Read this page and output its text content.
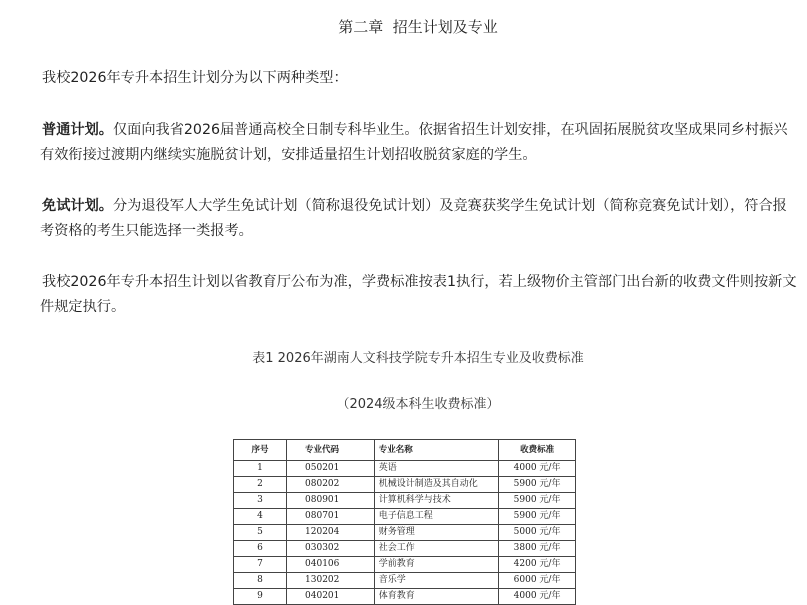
第二章  招生计划及专业
我校2026年专升本招生计划分为以下两种类型：
普通计划。仅面向我省2026届普通高校全日制专科毕业生。依据省招生计划安排，在巩固拓展脱贫攻坚成果同乡村振兴有效衔接过渡期内继续实施脱贫计划，安排适量招生计划招收脱贫家庭的学生。
免试计划。分为退役军人大学生免试计划（简称退役免试计划）及竞赛获奖学生免试计划（简称竞赛免试计划），符合报考资格的考生只能选择一类报考。
我校2026年专升本招生计划以省教育厅公布为准，学费标准按表1执行，若上级物价主管部门出台新的收费文件则按新文件规定执行。
表1 2026年湖南人文科技学院专升本招生专业及收费标准
（2024级本科生收费标准）
序号	专业代码	专业名称	收费标准
1	050201	英语	4000 元/年
2	080202	机械设计制造及其自动化	5900 元/年
3	080901	计算机科学与技术	5900 元/年
4	080701	电子信息工程	5900 元/年
5	120204	财务管理	5000 元/年
6	030302	社会工作	3800 元/年
7	040106	学前教育	4200 元/年
8	130202	音乐学	6000 元/年
9	040201	体育教育	4000 元/年
